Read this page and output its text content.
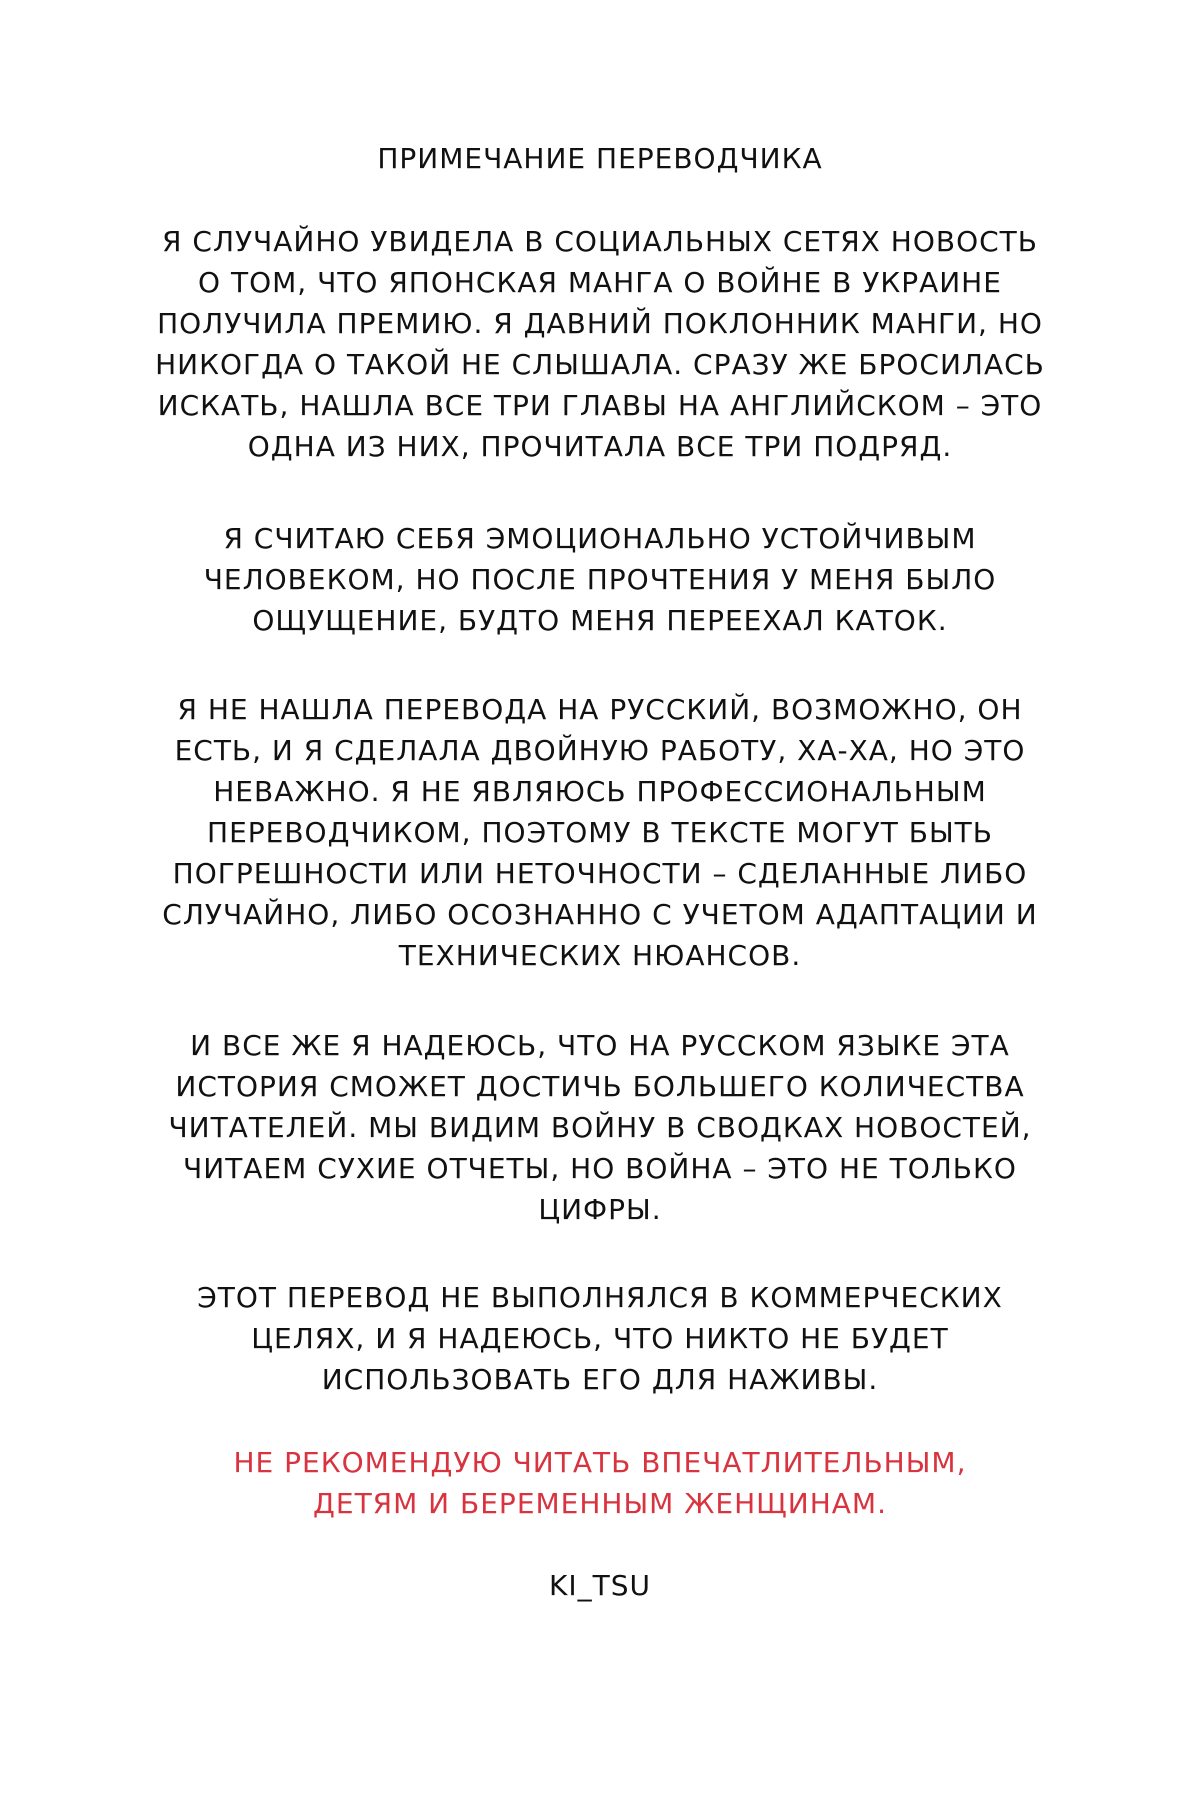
ПРИМЕЧАНИЕ ПЕРЕВОДЧИКА
Я СЛУЧАЙНО УВИДЕЛА В СОЦИАЛЬНЫХ СЕТЯХ НОВОСТЬ
О ТОМ, ЧТО ЯПОНСКАЯ МАНГА О ВОЙНЕ В УКРАИНЕ
ПОЛУЧИЛА ПРЕМИЮ. Я ДАВНИЙ ПОКЛОННИК МАНГИ, НО
НИКОГДА О ТАКОЙ НЕ СЛЫШАЛА. СРАЗУ ЖЕ БРОСИЛАСЬ
ИСКАТЬ, НАШЛА ВСЕ ТРИ ГЛАВЫ НА АНГЛИЙСКОМ – ЭТО
ОДНА ИЗ НИХ, ПРОЧИТАЛА ВСЕ ТРИ ПОДРЯД.
Я СЧИТАЮ СЕБЯ ЭМОЦИОНАЛЬНО УСТОЙЧИВЫМ
ЧЕЛОВЕКОМ, НО ПОСЛЕ ПРОЧТЕНИЯ У МЕНЯ БЫЛО
ОЩУЩЕНИЕ, БУДТО МЕНЯ ПЕРЕЕХАЛ КАТОК.
Я НЕ НАШЛА ПЕРЕВОДА НА РУССКИЙ, ВОЗМОЖНО, ОН
ЕСТЬ, И Я СДЕЛАЛА ДВОЙНУЮ РАБОТУ, ХА-ХА, НО ЭТО
НЕВАЖНО. Я НЕ ЯВЛЯЮСЬ ПРОФЕССИОНАЛЬНЫМ
ПЕРЕВОДЧИКОМ, ПОЭТОМУ В ТЕКСТЕ МОГУТ БЫТЬ
ПОГРЕШНОСТИ ИЛИ НЕТОЧНОСТИ – СДЕЛАННЫЕ ЛИБО
СЛУЧАЙНО, ЛИБО ОСОЗНАННО С УЧЕТОМ АДАПТАЦИИ И
ТЕХНИЧЕСКИХ НЮАНСОВ.
И ВСЕ ЖЕ Я НАДЕЮСЬ, ЧТО НА РУССКОМ ЯЗЫКЕ ЭТА
ИСТОРИЯ СМОЖЕТ ДОСТИЧЬ БОЛЬШЕГО КОЛИЧЕСТВА
ЧИТАТЕЛЕЙ. МЫ ВИДИМ ВОЙНУ В СВОДКАХ НОВОСТЕЙ,
ЧИТАЕМ СУХИЕ ОТЧЕТЫ, НО ВОЙНА – ЭТО НЕ ТОЛЬКО
ЦИФРЫ.
ЭТОТ ПЕРЕВОД НЕ ВЫПОЛНЯЛСЯ В КОММЕРЧЕСКИХ
ЦЕЛЯХ, И Я НАДЕЮСЬ, ЧТО НИКТО НЕ БУДЕТ
ИСПОЛЬЗОВАТЬ ЕГО ДЛЯ НАЖИВЫ.
НЕ РЕКОМЕНДУЮ ЧИТАТЬ ВПЕЧАТЛИТЕЛЬНЫМ,
ДЕТЯМ И БЕРЕМЕННЫМ ЖЕНЩИНАМ.
KI_TSU
